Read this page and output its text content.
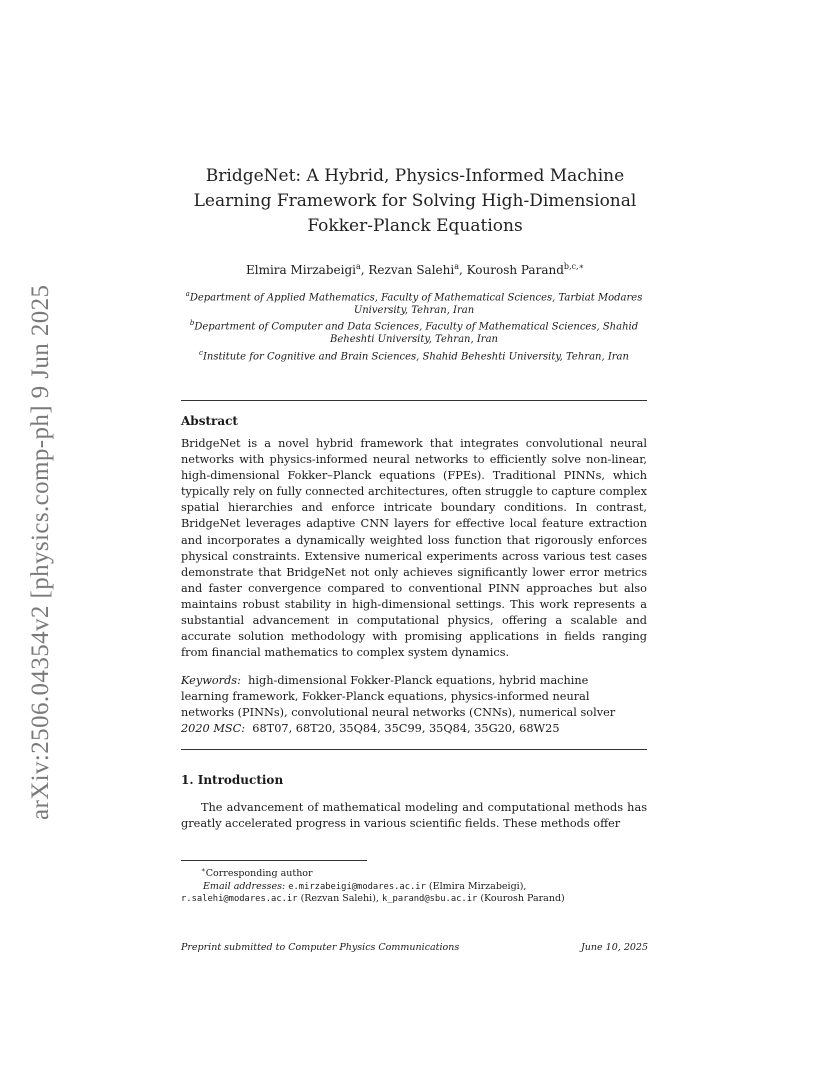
arXiv:2506.04354v2 [physics.comp-ph] 9 Jun 2025
BridgeNet: A Hybrid, Physics-Informed Machine
Learning Framework for Solving High-Dimensional
Fokker-Planck Equations
Elmira Mirzabeigi$^a$, Rezvan Salehi$^a$, Kourosh Parand$^{b,c,∗}$
$^a$Department of Applied Mathematics, Faculty of Mathematical Sciences, Tarbiat Modares
University, Tehran, Iran
$^b$Department of Computer and Data Sciences, Faculty of Mathematical Sciences, Shahid
Beheshti University, Tehran, Iran
$^c$Institute for Cognitive and Brain Sciences, Shahid Beheshti University, Tehran, Iran
Abstract
BridgeNet is a novel hybrid framework that integrates convolutional neural networks with physics-informed neural networks to efficiently solve non-linear, high-dimensional Fokker–Planck equations (FPEs). Traditional PINNs, which typically rely on fully connected architectures, often struggle to capture complex spatial hierarchies and enforce intricate boundary conditions. In contrast, BridgeNet leverages adaptive CNN layers for effective local feature extraction and incorporates a dynamically weighted loss function that rigorously enforces physical constraints. Extensive numerical experiments across various test cases demonstrate that BridgeNet not only achieves significantly lower error metrics and faster convergence compared to conventional PINN approaches but also maintains robust stability in high-dimensional settings. This work represents a substantial advancement in computational physics, offering a scalable and accurate solution methodology with promising applications in fields ranging from financial mathematics to complex system dynamics.
Keywords: high-dimensional Fokker-Planck equations, hybrid machine
learning framework, Fokker-Planck equations, physics-informed neural
networks (PINNs), convolutional neural networks (CNNs), numerical solver
2020 MSC: 68T07, 68T20, 35Q84, 35C99, 35Q84, 35G20, 68W25
1. Introduction
The advancement of mathematical modeling and computational methods has greatly accelerated progress in various scientific fields. These methods offer
∗Corresponding author
Email addresses: e.mirzabeigi@modares.ac.ir (Elmira Mirzabeigi),
r.salehi@modares.ac.ir (Rezvan Salehi), k_parand@sbu.ac.ir (Kourosh Parand)
Preprint submitted to Computer Physics Communications	June 10, 2025
